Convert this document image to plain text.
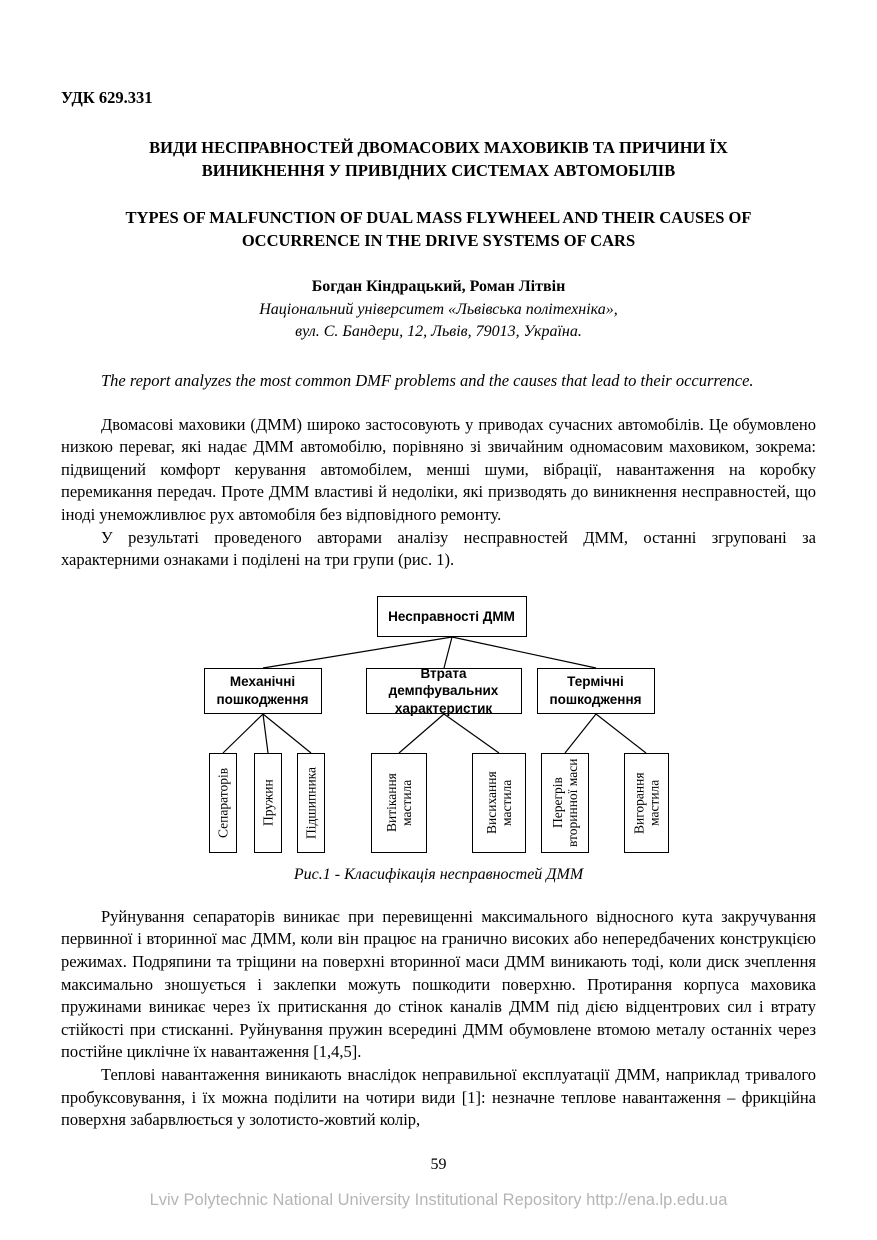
УДК 629.331
ВИДИ НЕСПРАВНОСТЕЙ ДВОМАСОВИХ МАХОВИКІВ ТА ПРИЧИНИ ЇХ ВИНИКНЕННЯ У ПРИВІДНИХ СИСТЕМАХ АВТОМОБІЛІВ
TYPES OF MALFUNCTION OF DUAL MASS FLYWHEEL AND THEIR CAUSES OF OCCURRENCE IN THE DRIVE SYSTEMS OF CARS
Богдан Кіндрацький, Роман Літвін
Національний університет «Львівська політехніка»,
вул. С. Бандери, 12, Львів, 79013, Україна.

The report analyzes the most common DMF problems and the causes that lead to their occurrence.

Двомасові маховики (ДММ) широко застосовують у приводах сучасних автомобілів. Це обумовлено низкою переваг, які надає ДММ автомобілю, порівняно зі звичайним одномасовим маховиком, зокрема: підвищений комфорт керування автомобілем, менші шуми, вібрації, навантаження на коробку перемикання передач. Проте ДММ властиві й недоліки, які призводять до виникнення несправностей, що іноді унеможливлює рух автомобіля без відповідного ремонту.

У результаті проведеного авторами аналізу несправностей ДММ, останні згруповані за характерними ознаками і поділені на три групи (рис. 1).

Несправності ДММ
Механічні пошкодження
Втрата демпфувальних характеристик
Термічні пошкодження
Сепараторів	Пружин	Підшипника	Витікання мастила	Висихання мастила	Перегрів вторинної маси	Вигорання мастила
Рис.1 - Класифікація несправностей ДММ

Руйнування сепараторів виникає при перевищенні максимального відносного кута закручування первинної і вторинної мас ДММ, коли він працює на гранично високих або непередбачених конструкцією режимах. Подряпини та тріщини на поверхні вторинної маси ДММ виникають тоді, коли диск зчеплення максимально зношується і заклепки можуть пошкодити поверхню. Протирання корпуса маховика пружинами виникає через їх притискання до стінок каналів ДММ під дією відцентрових сил і втрату стійкості при стисканні. Руйнування пружин всередині ДММ обумовлене втомою металу останніх через постійне циклічне їх навантаження [1,4,5].

Теплові навантаження виникають внаслідок неправильної експлуатації ДММ, наприклад тривалого пробуксовування, і їх можна поділити на чотири види [1]: незначне теплове навантаження – фрикційна поверхня забарвлюється у золотисто-жовтий колір,

59
Lviv Polytechnic National University Institutional Repository http://ena.lp.edu.ua
